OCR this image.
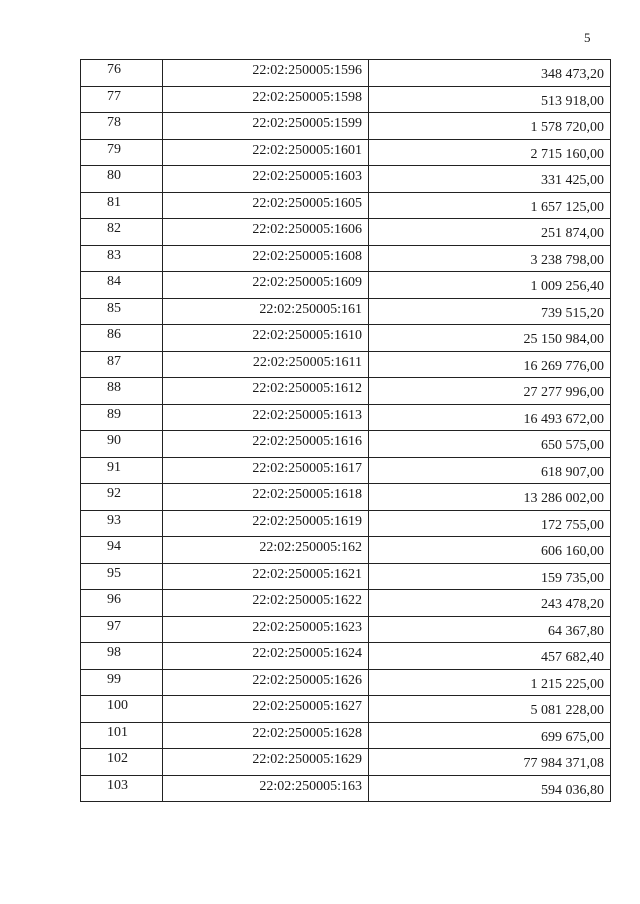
5
76	22:02:250005:1596	348 473,20
77	22:02:250005:1598	513 918,00
78	22:02:250005:1599	1 578 720,00
79	22:02:250005:1601	2 715 160,00
80	22:02:250005:1603	331 425,00
81	22:02:250005:1605	1 657 125,00
82	22:02:250005:1606	251 874,00
83	22:02:250005:1608	3 238 798,00
84	22:02:250005:1609	1 009 256,40
85	22:02:250005:161	739 515,20
86	22:02:250005:1610	25 150 984,00
87	22:02:250005:1611	16 269 776,00
88	22:02:250005:1612	27 277 996,00
89	22:02:250005:1613	16 493 672,00
90	22:02:250005:1616	650 575,00
91	22:02:250005:1617	618 907,00
92	22:02:250005:1618	13 286 002,00
93	22:02:250005:1619	172 755,00
94	22:02:250005:162	606 160,00
95	22:02:250005:1621	159 735,00
96	22:02:250005:1622	243 478,20
97	22:02:250005:1623	64 367,80
98	22:02:250005:1624	457 682,40
99	22:02:250005:1626	1 215 225,00
100	22:02:250005:1627	5 081 228,00
101	22:02:250005:1628	699 675,00
102	22:02:250005:1629	77 984 371,08
103	22:02:250005:163	594 036,80
